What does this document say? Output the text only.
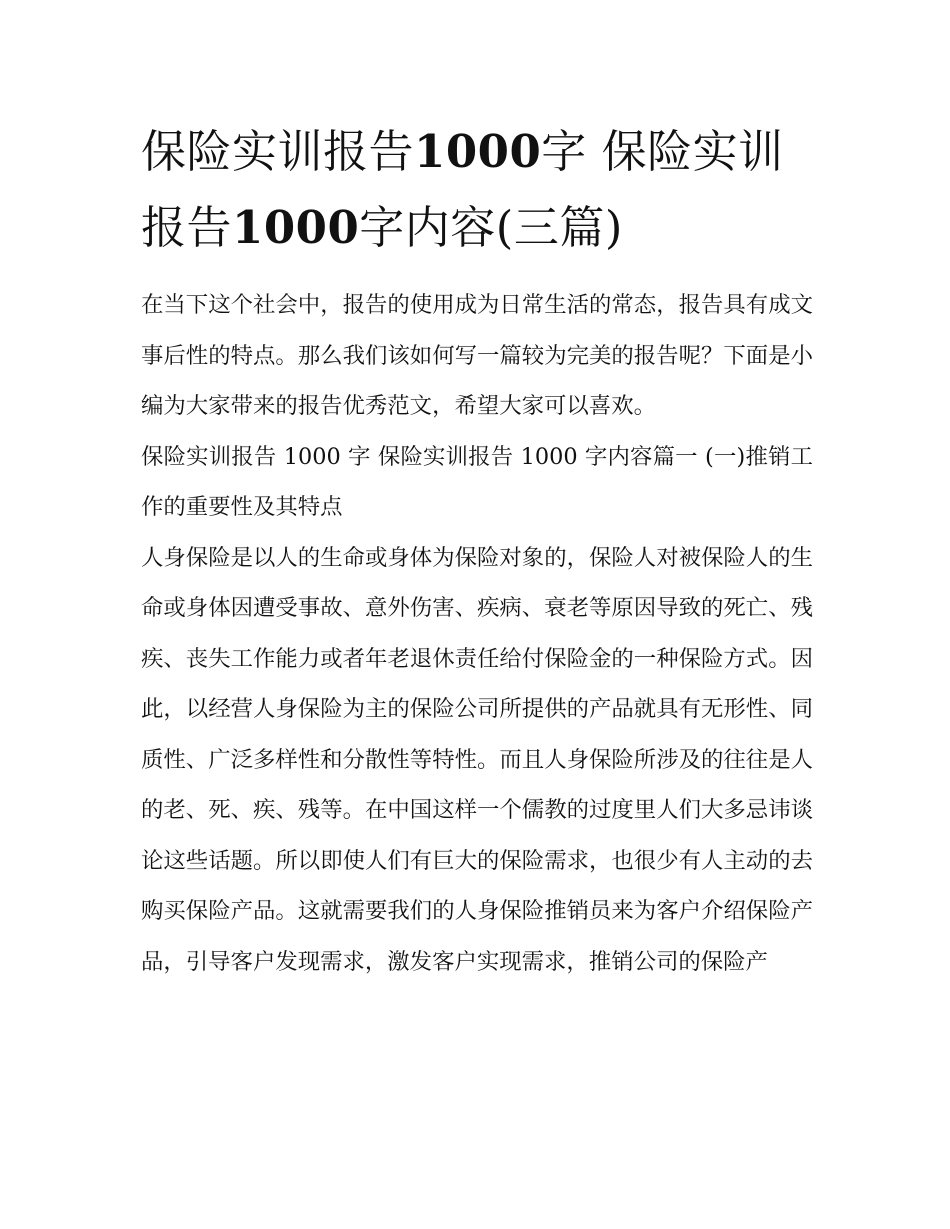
保险实训报告1000字 保险实训报告1000字内容(三篇)

在当下这个社会中，报告的使用成为日常生活的常态，报告具有成文事后性的特点。那么我们该如何写一篇较为完美的报告呢？下面是小编为大家带来的报告优秀范文，希望大家可以喜欢。

保险实训报告 1000 字 保险实训报告 1000 字内容篇一 (一)推销工作的重要性及其特点

人身保险是以人的生命或身体为保险对象的，保险人对被保险人的生命或身体因遭受事故、意外伤害、疾病、衰老等原因导致的死亡、残疾、丧失工作能力或者年老退休责任给付保险金的一种保险方式。因此，以经营人身保险为主的保险公司所提供的产品就具有无形性、同质性、广泛多样性和分散性等特性。而且人身保险所涉及的往往是人的老、死、疾、残等。在中国这样一个儒教的过度里人们大多忌讳谈论这些话题。所以即使人们有巨大的保险需求，也很少有人主动的去购买保险产品。这就需要我们的人身保险推销员来为客户介绍保险产品，引导客户发现需求，激发客户实现需求，推销公司的保险产
